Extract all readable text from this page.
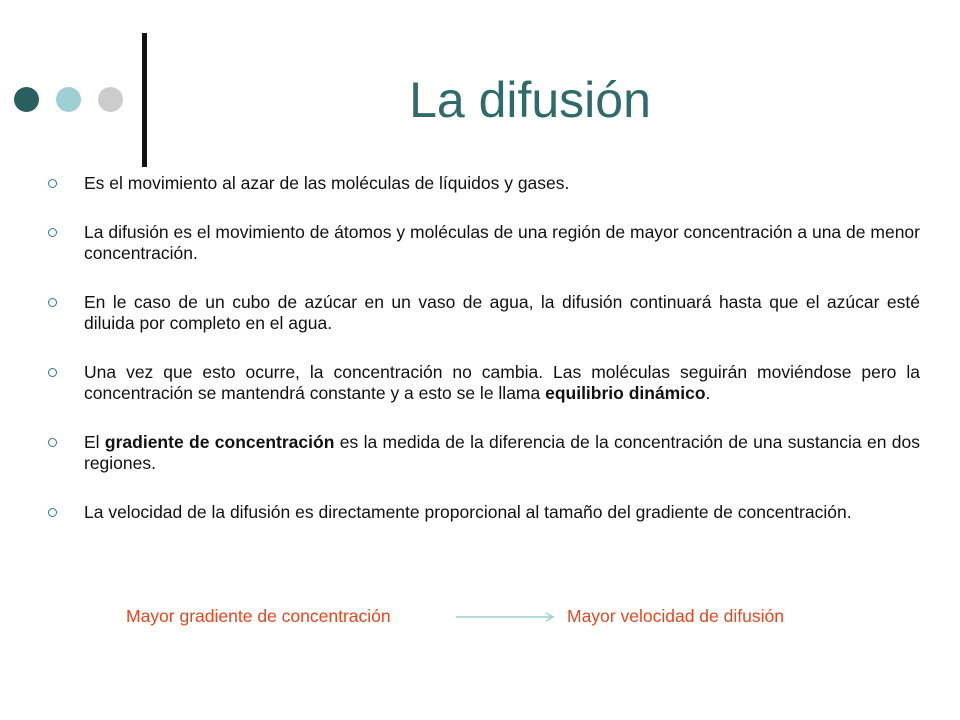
La difusión
Es el movimiento al azar de las moléculas de líquidos y gases.
La difusión es el movimiento de átomos y moléculas de una región de mayor concentración a una de menor concentración.
En le caso de un cubo de azúcar en un vaso de agua, la difusión continuará hasta que el azúcar esté diluida por completo en el agua.
Una vez que esto ocurre, la concentración no cambia. Las moléculas seguirán moviéndose pero la concentración se mantendrá constante y a esto se le llama equilibrio dinámico.
El gradiente de concentración es la medida de la diferencia de la concentración de una sustancia en dos regiones.
La velocidad de la difusión es directamente proporcional al tamaño del gradiente de concentración.
Mayor gradiente de concentración	Mayor velocidad de difusión
